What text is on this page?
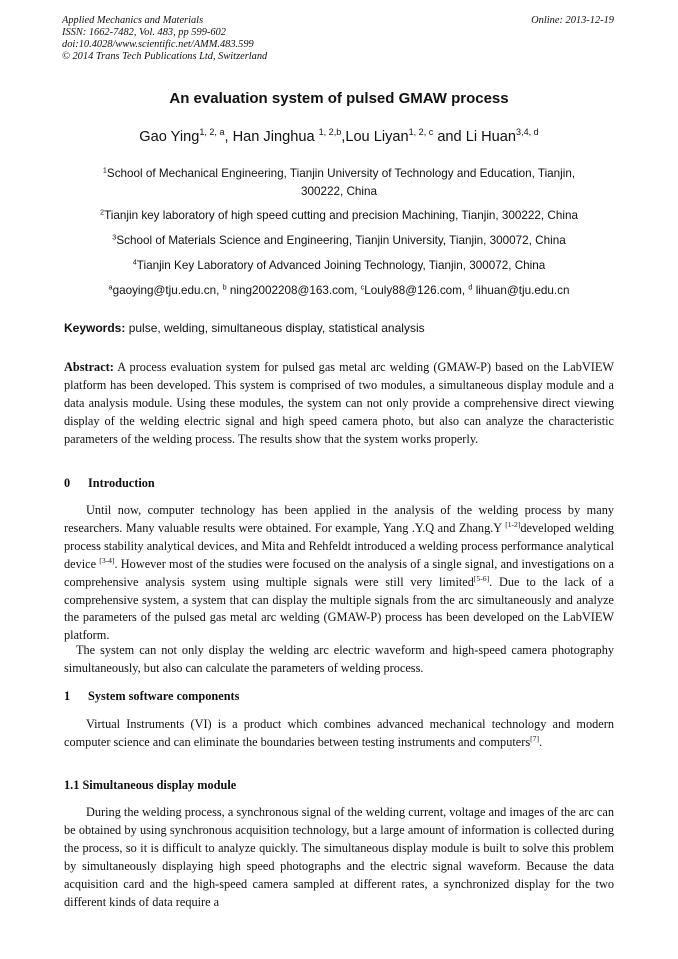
Applied Mechanics and Materials
ISSN: 1662-7482, Vol. 483, pp 599-602
doi:10.4028/www.scientific.net/AMM.483.599
© 2014 Trans Tech Publications Ltd, Switzerland
Online: 2013-12-19
An evaluation system of pulsed GMAW process
Gao Ying$^{1, 2, a}$, Han Jinghua $^{1, 2,b}$,Lou Liyan$^{1, 2, c}$ and Li Huan$^{3,4, d}$
$^1$School of Mechanical Engineering, Tianjin University of Technology and Education, Tianjin,
300222, China
$^2$Tianjin key laboratory of high speed cutting and precision Machining, Tianjin, 300222, China
$^3$School of Materials Science and Engineering, Tianjin University, Tianjin, 300072, China
$^4$Tianjin Key Laboratory of Advanced Joining Technology, Tianjin, 300072, China
$^a$gaoying@tju.edu.cn, $^b$ ning2002208@163.com, $^c$Louly88@126.com, $^d$ lihuan@tju.edu.cn
Keywords: pulse, welding, simultaneous display, statistical analysis
Abstract: A process evaluation system for pulsed gas metal arc welding (GMAW-P) based on the LabVIEW platform has been developed. This system is comprised of two modules, a simultaneous display module and a data analysis module. Using these modules, the system can not only provide a comprehensive direct viewing display of the welding electric signal and high speed camera photo, but also can analyze the characteristic parameters of the welding process. The results show that the system works properly.
0 Introduction
Until now, computer technology has been applied in the analysis of the welding process by many researchers. Many valuable results were obtained. For example, Yang .Y.Q and Zhang.Y [1-2]developed welding process stability analytical devices, and Mita and Rehfeldt introduced a welding process performance analytical device [3-4]. However most of the studies were focused on the analysis of a single signal, and investigations on a comprehensive analysis system using multiple signals were still very limited[5-6]. Due to the lack of a comprehensive system, a system that can display the multiple signals from the arc simultaneously and analyze the parameters of the pulsed gas metal arc welding (GMAW-P) process has been developed on the LabVIEW platform.
The system can not only display the welding arc electric waveform and high-speed camera photography simultaneously, but also can calculate the parameters of welding process.
1 System software components
Virtual Instruments (VI) is a product which combines advanced mechanical technology and modern computer science and can eliminate the boundaries between testing instruments and computers[7].
1.1 Simultaneous display module
During the welding process, a synchronous signal of the welding current, voltage and images of the arc can be obtained by using synchronous acquisition technology, but a large amount of information is collected during the process, so it is difficult to analyze quickly. The simultaneous display module is built to solve this problem by simultaneously displaying high speed photographs and the electric signal waveform. Because the data acquisition card and the high-speed camera sampled at different rates, a synchronized display for the two different kinds of data require a
